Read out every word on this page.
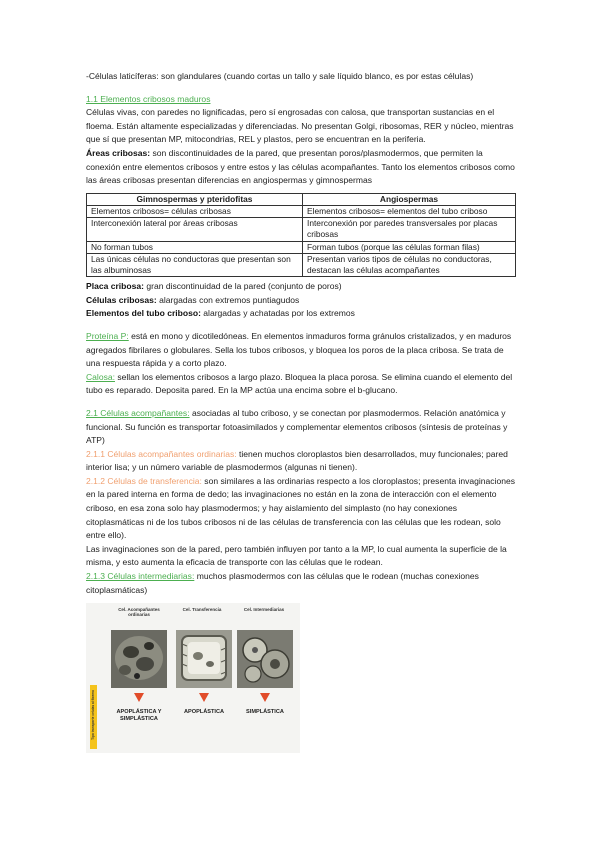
-Células laticíferas: son glandulares (cuando cortas un tallo y sale líquido blanco, es por estas células)

1.1 Elementos cribosos maduros

Células vivas, con paredes no lignificadas, pero sí engrosadas con calosa, que transportan sustancias en el floema. Están altamente especializadas y diferenciadas. No presentan Golgi, ribosomas, RER y núcleo, mientras que sí que presentan MP, mitocondrias, REL y plastos, pero se encuentran en la periferia.

Áreas cribosas: son discontinuidades de la pared, que presentan poros/plasmodermos, que permiten la conexión entre elementos cribosos y entre estos y las células acompañantes. Tanto los elementos cribosos como las áreas cribosas presentan diferencias en angiospermas y gimnospermas

Gimnospermas y pteridofitas	Angiospermas
Elementos cribosos= células cribosas	Elementos cribosos= elementos del tubo criboso
Interconexión lateral por áreas cribosas	Interconexión por paredes transversales por placas cribosas
No forman tubos	Forman tubos (porque las células forman filas)
Las únicas células no conductoras que presentan son las albuminosas	Presentan varios tipos de células no conductoras, destacan las células acompañantes

Placa cribosa: gran discontinuidad de la pared (conjunto de poros)

Células cribosas: alargadas con extremos puntiagudos

Elementos del tubo criboso: alargadas y achatadas por los extremos

Proteína P: está en mono y dicotiledóneas. En elementos inmaduros forma gránulos cristalizados, y en maduros agregados fibrilares o globulares. Sella los tubos cribosos, y bloquea los poros de la placa cribosa. Se trata de una respuesta rápida y a corto plazo.

Calosa: sellan los elementos cribosos a largo plazo. Bloquea la placa porosa. Se elimina cuando el elemento del tubo es reparado. Deposita pared. En la MP actúa una encima sobre el b-glucano.

2.1 Células acompañantes: asociadas al tubo criboso, y se conectan por plasmodermos. Relación anatómica y funcional. Su función es transportar fotoasimilados y complementar elementos cribosos (síntesis de proteínas y ATP)

2.1.1 Células acompañantes ordinarias: tienen muchos cloroplastos bien desarrollados, muy funcionales; pared interior lisa; y un número variable de plasmodermos (algunas ni tienen).

2.1.2 Células de transferencia: son similares a las ordinarias respecto a los cloroplastos; presenta invaginaciones en la pared interna en forma de dedo; las invaginaciones no están en la zona de interacción con el elemento criboso, en esa zona solo hay plasmodermos; y hay aislamiento del simplasto (no hay conexiones citoplasmáticas ni de los tubos cribosos ni de las células de transferencia con las células que les rodean, solo entre ello).

Las invaginaciones son de la pared, pero también influyen por tanto a la MP, lo cual aumenta la superficie de la misma, y esto aumenta la eficacia de transporte con las células que le rodean.

2.1.3 Células intermediarias: muchos plasmodermos con las células que le rodean (muchas conexiones citoplasmáticas)

Tipo transporte celulas al floema
Cel. Acompañantes ordinarias
Cel. Transferencia	Cel. Intermediarias
APOPLÁSTICA Y SIMPLÁSTICA
APOPLÁSTICA	SIMPLÁSTICA
